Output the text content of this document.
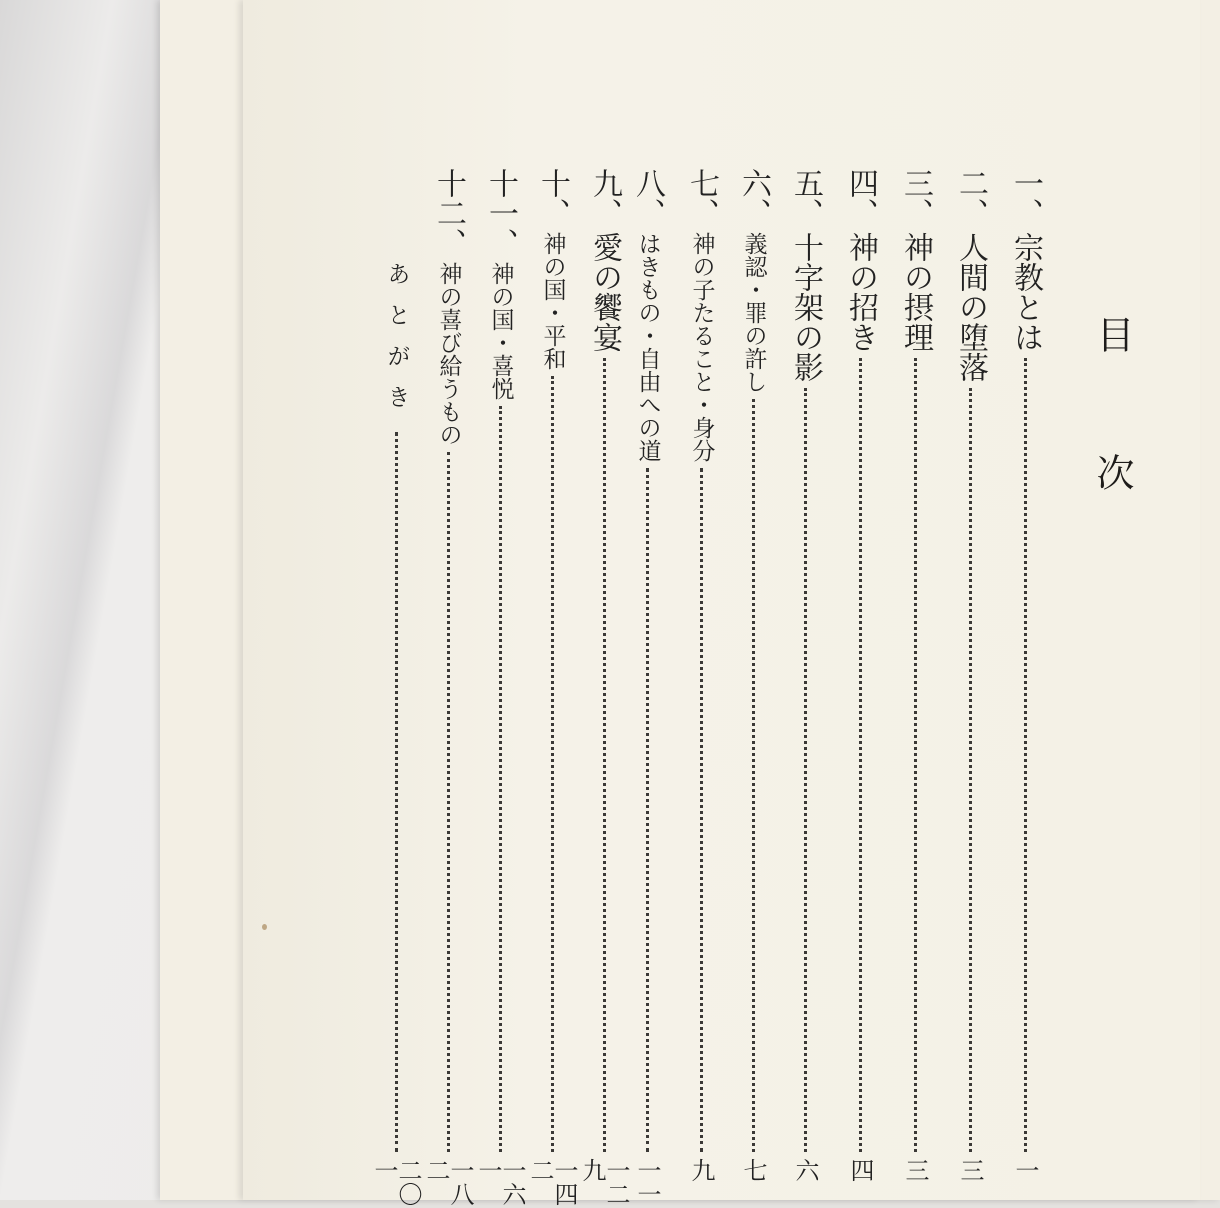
目次
一、
宗教とは
一
二、
人間の堕落
三
三、
神の摂理
三
四、
神の招き
四
五、
十字架の影
六
六、
義認・罪の許し
七
七、
神の子たること・身分
九
八、
はきもの・自由への道
一一
九、
愛の饗宴
一二九
十、
神の国・平和
一四二
十一、
神の国・喜悦
一六一
十二、
神の喜び給うもの
一八二
あとがき
二〇一
